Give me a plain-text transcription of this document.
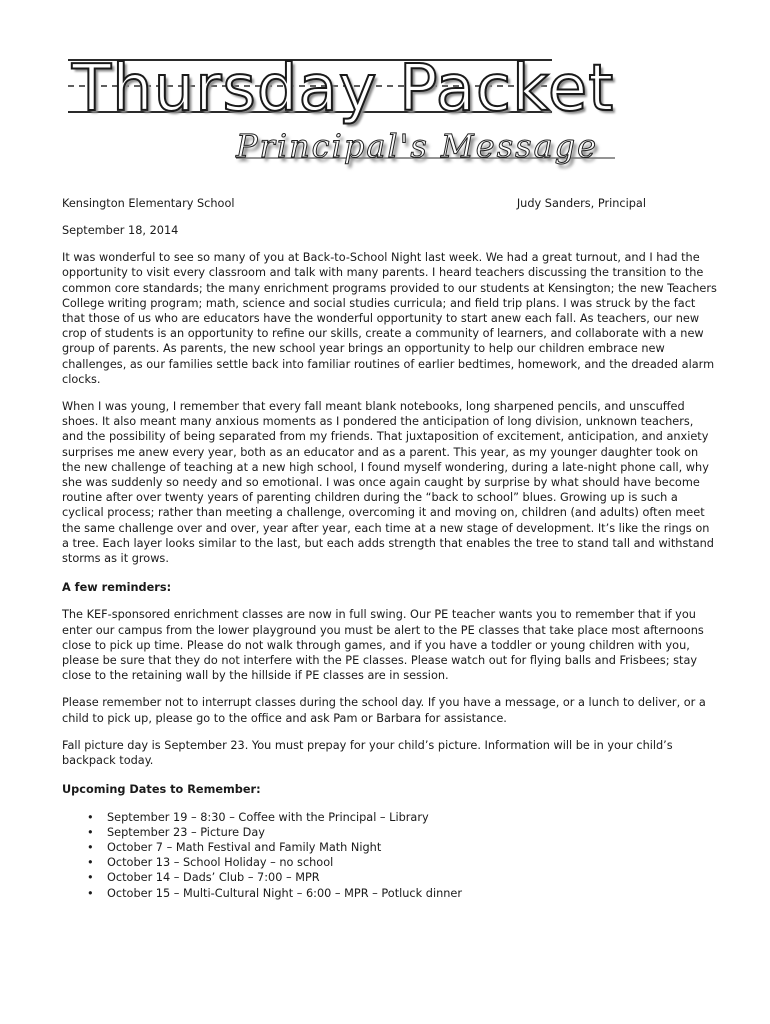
Thursday Packet
Principal's Message
Kensington Elementary School	Judy Sanders, Principal
September 18, 2014

It was wonderful to see so many of you at Back-to-School Night last week. We had a great turnout, and I had the opportunity to visit every classroom and talk with many parents. I heard teachers discussing the transition to the common core standards; the many enrichment programs provided to our students at Kensington; the new Teachers College writing program; math, science and social studies curricula; and field trip plans. I was struck by the fact that those of us who are educators have the wonderful opportunity to start anew each fall. As teachers, our new crop of students is an opportunity to refine our skills, create a community of learners, and collaborate with a new group of parents. As parents, the new school year brings an opportunity to help our children embrace new challenges, as our families settle back into familiar routines of earlier bedtimes, homework, and the dreaded alarm clocks.

When I was young, I remember that every fall meant blank notebooks, long sharpened pencils, and unscuffed shoes. It also meant many anxious moments as I pondered the anticipation of long division, unknown teachers, and the possibility of being separated from my friends. That juxtaposition of excitement, anticipation, and anxiety surprises me anew every year, both as an educator and as a parent. This year, as my younger daughter took on the new challenge of teaching at a new high school, I found myself wondering, during a late-night phone call, why she was suddenly so needy and so emotional. I was once again caught by surprise by what should have become routine after over twenty years of parenting children during the “back to school” blues. Growing up is such a cyclical process; rather than meeting a challenge, overcoming it and moving on, children (and adults) often meet the same challenge over and over, year after year, each time at a new stage of development. It’s like the rings on a tree. Each layer looks similar to the last, but each adds strength that enables the tree to stand tall and withstand storms as it grows.

A few reminders:

The KEF-sponsored enrichment classes are now in full swing. Our PE teacher wants you to remember that if you enter our campus from the lower playground you must be alert to the PE classes that take place most afternoons close to pick up time. Please do not walk through games, and if you have a toddler or young children with you, please be sure that they do not interfere with the PE classes. Please watch out for flying balls and Frisbees; stay close to the retaining wall by the hillside if PE classes are in session.

Please remember not to interrupt classes during the school day. If you have a message, or a lunch to deliver, or a child to pick up, please go to the office and ask Pam or Barbara for assistance.

Fall picture day is September 23. You must prepay for your child’s picture. Information will be in your child’s backpack today.

Upcoming Dates to Remember:
• September 19 – 8:30 – Coffee with the Principal – Library
• September 23 – Picture Day
• October 7 – Math Festival and Family Math Night
• October 13 – School Holiday – no school
• October 14 – Dads’ Club – 7:00 – MPR
• October 15 – Multi-Cultural Night – 6:00 – MPR – Potluck dinner
